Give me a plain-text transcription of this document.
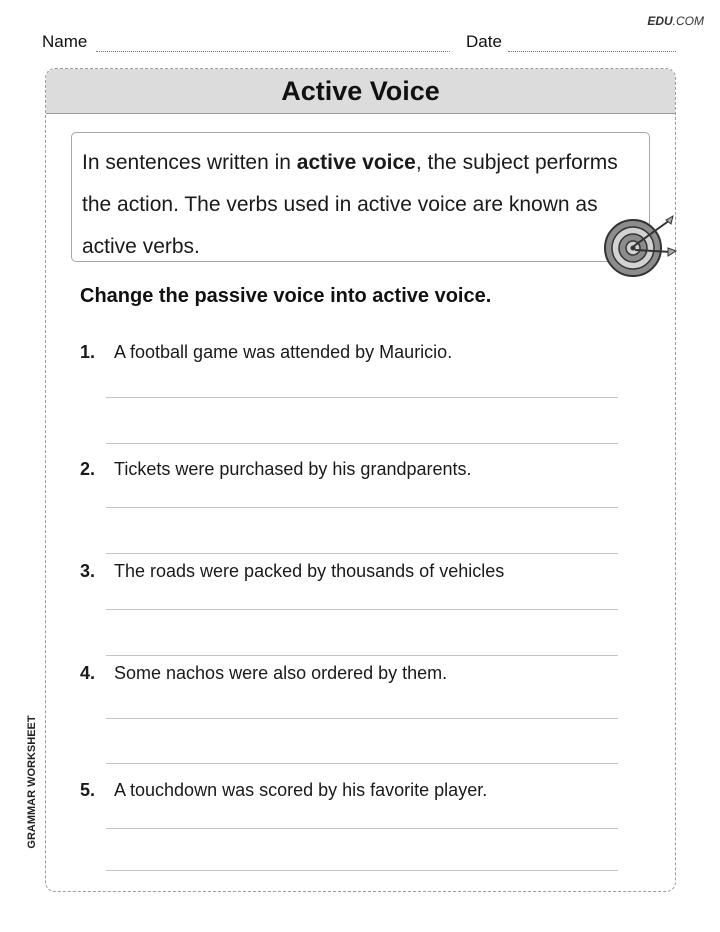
EDU.COM
Name	Date
Active Voice
In sentences written in active voice, the subject performs the action. The verbs used in active voice are known as active verbs.
Change the passive voice into active voice.
1. A football game was attended by Mauricio.
2. Tickets were purchased by his grandparents.
3. The roads were packed by thousands of vehicles
4. Some nachos were also ordered by them.
5. A touchdown was scored by his favorite player.
GRAMMAR WORKSHEET
